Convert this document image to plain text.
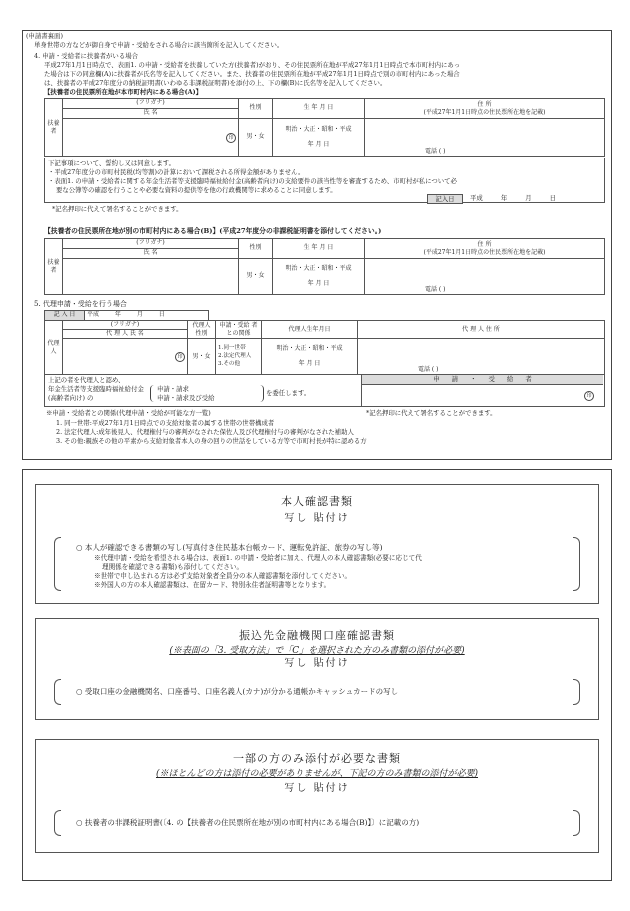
(申請書裏面)
単身世帯の方などが御自身で申請・受給をされる場合に該当箇所を記入してください。
4. 申請・受給者に扶養者がいる場合
平成27年1月1日時点で、表面1. の申請・受給者を扶養していた方(扶養者)がおり、その住民票所在地が平成27年1月1日時点で本市町村内にあっ
た場合は下の同意欄(A)に扶養者が氏名等を記入してください。また、扶養者の住民票所在地が平成27年1月1日時点で別の市町村内にあった場合
は、扶養者の平成27年度分の納税証明書(いわゆる非課税証明書)を添付の上、下の欄(B)に氏名等を記入してください。
【扶養者の住民票所在地が本市町村内にある場合(A)】
扶養者	(フリガナ)	性別	生 年 月 日	住 所
(平成27年1月1日時点の住民票所在地を記載)
	氏 名			
	印	男・女	明治・大正・昭和・平成
年 月 日	電話 ( )
下記事項について、誓約し又は同意します。
・平成27年度分の市町村民税(均等割)の計算において課税される所得金額がありません。
・表面1. の申請・受給者に関する年金生活者等支援臨時福祉給付金(高齢者向け)の支給要件の該当性等を審査するため、市町村が私について必
要な公簿等の確認を行うことや必要な資料の提供等を他の行政機関等に求めることに同意します。
記入日	平成 年 月 日
*記名押印に代えて署名することができます。
【扶養者の住民票所在地が別の市町村内にある場合(B)】(平成27年度分の非課税証明書を添付してください。)
扶養者	(フリガナ)	性別	生 年 月 日	住 所
(平成27年1月1日時点の住民票所在地を記載)
	氏 名			
		男・女	明治・大正・昭和・平成
年 月 日	電話 ( )
5. 代理申請・受給を行う場合
記 入 日	平成 年 月 日
代理人	(フリガナ)	代理人 性別	申請・受給 者との関係	代理人生年月日	代 理 人 住 所
	代 理 人 氏 名				
	印	男・女	1.同一世帯
2.法定代理人
3.その他	明治・大正・昭和・平成
年 月 日	電話 ( )
上記の者を代理人と認め、
年金生活者等支援臨時福祉給付金
(高齢者向け) の
申請・請求
申請・請求及び受給
を委任します。
申 請 ・ 受 給 者
印
※申請・受給者との関係(代理申請・受給が可能な方一覧)	*記名押印に代えて署名することができます。
1. 同一世帯:平成27年1月1日時点での支給対象者の属する世帯の世帯構成者
2. 法定代理人:成年後見人、代理権付与の審判がなされた保佐人及び代理権付与の審判がなされた補助人
3. その他:親族その他の平素から支給対象者本人の身の回りの世話をしている方等で市町村長が特に認める方
本人確認書類
写し 貼付け
○ 本人が確認できる書類の写し(写真付き住民基本台帳カード、運転免許証、旅券の写し等)
※代理申請・受給を希望される場合は、表面1. の申請・受給者に加え、代理人の本人確認書類(必要に応じて代
理関係を確認できる書類)も添付してください。
※世帯で申し込まれる方は必ず支給対象者全員分の本人確認書類を添付してください。
※外国人の方の本人確認書類は、在留カード、特別永住者証明書等となります。
振込先金融機関口座確認書類
(※表面の「3. 受取方法」で「C」を選択された方のみ書類の添付が必要)
写し 貼付け
○ 受取口座の金融機関名、口座番号、口座名義人(カナ)が分かる通帳かキャッシュカードの写し
一部の方のみ添付が必要な書類
(※ほとんどの方は添付の必要がありませんが、下記の方のみ書類の添付が必要)
写し 貼付け
○ 扶養者の非課税証明書(〔4. の【扶養者の住民票所在地が別の市町村内にある場合(B)】〕に記載の方)
